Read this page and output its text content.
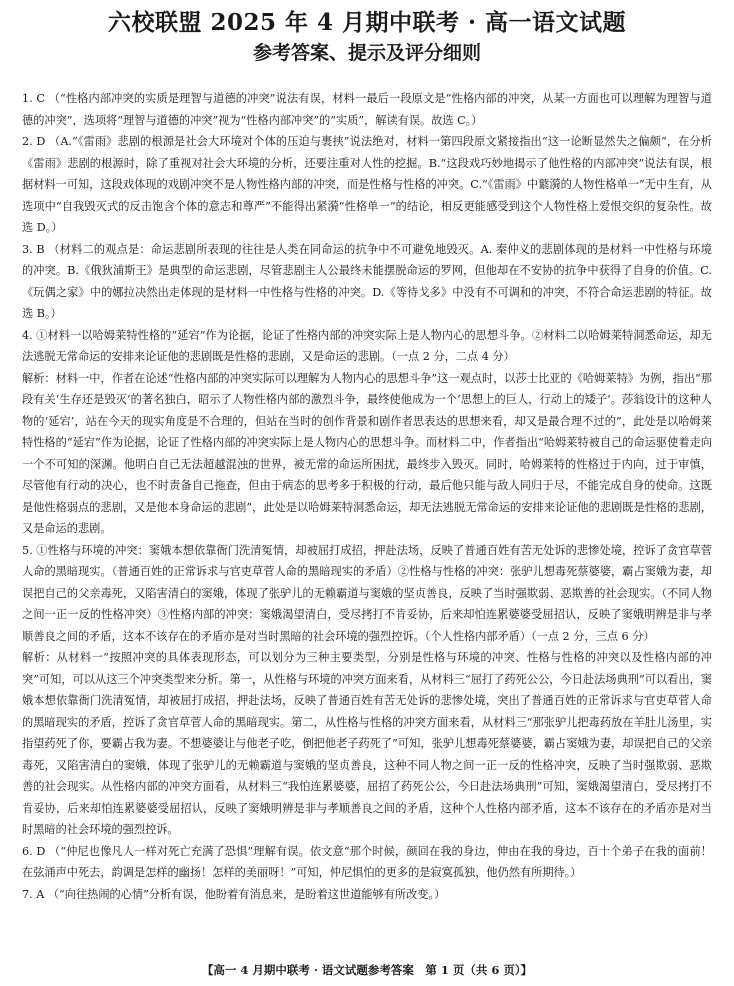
六校联盟 2025 年 4 月期中联考 · 高一语文试题
参考答案、提示及评分细则

1. C （“性格内部冲突的实质是理智与道德的冲突”说法有误，材料一最后一段原文是“性格内部的冲突，从某一方面也可以理解为理智与道德的冲突”，选项将“理智与道德的冲突”视为“性格内部冲突”的“实质”，解读有误。故选 C。）

2. D （A.“《雷雨》悲剧的根源是社会大环境对个体的压迫与裹挟”说法绝对，材料一第四段原文紧接指出“这一论断显然失之偏颇”，在分析《雷雨》悲剧的根源时，除了重视对社会大环境的分析，还要注重对人性的挖掘。B.“这段戏巧妙地揭示了他性格的内部冲突”说法有误，根据材料一可知，这段戏体现的戏剧冲突不是人物性格内部的冲突，而是性格与性格的冲突。C.“《雷雨》中蘩漪的人物性格单一”无中生有，从选项中“自我毁灭式的反击饱含个体的意志和尊严”不能得出紧漪“性格单一”的结论，相反更能感受到这个人物性格上爱恨交织的复杂性。故选 D。）

3. B （材料二的观点是：命运悲剧所表现的往往是人类在同命运的抗争中不可避免地毁灭。A. 秦仲义的悲剧体现的是材料一中性格与环境的冲突。B.《俄狄浦斯王》是典型的命运悲剧，尽管悲剧主人公最终未能摆脱命运的罗网，但他却在不安协的抗争中获得了自身的价值。C.《玩偶之家》中的娜拉决然出走体现的是材料一中性格与性格的冲突。D.《等待戈多》中没有不可调和的冲突，不符合命运悲剧的特征。故选 B。）

4. ①材料一以哈姆莱特性格的“延宕”作为论据，论证了性格内部的冲突实际上是人物内心的思想斗争。②材料二以哈姆莱特洞悉命运，却无法逃脱无常命运的安排来论证他的悲剧既是性格的悲剧，又是命运的悲剧。（一点 2 分，二点 4 分）

解析：材料一中，作者在论述“性格内部的冲突实际可以理解为人物内心的思想斗争”这一观点时，以莎士比亚的《哈姆莱特》为例，指出“那段有关‘生存还是毁灭’的著名独白，昭示了人物性格内部的激烈斗争，最终使他成为一个‘思想上的巨人，行动上的矮子’。莎翁设计的这种人物的‘延宕’，站在今天的现实角度是不合理的，但站在当时的创作背景和剧作者思表达的思想来看，却又是最合理不过的”，此处是以哈姆莱特性格的“延宕”作为论据，论证了性格内部的冲突实际上是人物内心的思想斗争。而材料二中，作者指出“哈姆莱特被自己的命运驱使着走向一个不可知的深渊。他明白自己无法超越混浊的世界，被无常的命运所困扰，最终步入毁灭。同时，哈姆莱特的性格过于内向，过于审慎，尽管他有行动的决心，也不时责备自己拖查，但由于病态的思考多于积极的行动，最后他只能与敌人同归于尽，不能完成自身的使命。这既是他性格弱点的悲剧，又是他本身命运的悲剧”，此处是以哈姆莱特洞悉命运，却无法逃脱无常命运的安排来论证他的悲剧既是性格的悲剧，又是命运的悲剧。

5. ①性格与环境的冲突：窦娥本想依靠衙门洗清冤情，却被屈打成招，押赴法场，反映了普通百姓有苦无处诉的悲惨处境，控诉了贪官草菅人命的黑暗现实。（普通百姓的正常诉求与官吏草菅人命的黑暗现实的矛盾）②性格与性格的冲突：张驴儿想毒死蔡婆婆，霸占窦娥为妻，却误把自己的父亲毒死，又陷害清白的窦娥，体现了张驴儿的无赖霸道与窦娥的坚贞善良，反映了当时强欺弱、恶欺善的社会现实。（不同人物之间一正一反的性格冲突）③性格内部的冲突：窦娥渴望清白，受尽拷打不肯妥协，后来却怕连累婆婆受屈招认，反映了窦娥明辨是非与孝顺善良之间的矛盾，这本不该存在的矛盾亦是对当时黑暗的社会环境的强烈控诉。（个人性格内部矛盾）（一点 2 分，三点 6 分）

解析：从材料一“按照冲突的具体表现形态，可以划分为三种主要类型，分别是性格与环境的冲突、性格与性格的冲突以及性格内部的冲突”可知，可以从这三个冲突类型来分析。第一，从性格与环境的冲突方面来看，从材料三“屈打了药死公公，今日赴法场典刑”可以看出，窦娥本想依靠衙门洗清冤情，却被屈打成招，押赴法场，反映了普通百姓有苦无处诉的悲惨处境，突出了普通百姓的正常诉求与官吏草菅人命的黑暗现实的矛盾，控诉了贪官草菅人命的黑暗现实。第二，从性格与性格的冲突方面来看，从材料三“那张驴儿把毒药放在羊肚儿汤里，实指望药死了你，要霸占我为妻。不想婆婆让与他老子吃，倒把他老子药死了”可知，张驴儿想毒死蔡婆婆，霸占窦娥为妻，却误把自己的父亲毒死，又陷害清白的窦娥，体现了张驴儿的无赖霸道与窦娥的坚贞善良，这种不同人物之间一正一反的性格冲突，反映了当时强欺弱、恶欺善的社会现实。从性格内部的冲突方面看，从材料三“我怕连累婆婆，屈招了药死公公，今日赴法场典刑”可知，窦娥渴望清白，受尽拷打不肯妥协，后来却怕连累婆婆受屈招认，反映了窦娥明辨是非与孝顺善良之间的矛盾，这种个人性格内部矛盾，这本不该存在的矛盾亦是对当时黑暗的社会环境的强烈控诉。

6. D （“仲尼也像凡人一样对死亡充满了恐惧”理解有误。依文意“那个时候，颜回在我的身边，伸由在我的身边，百十个弟子在我的面前！在弦涌声中死去，韵调是怎样的幽扬！怎样的美丽呀！”可知，仲尼惧怕的更多的是寂寞孤独，他仍然有所期待。）

7. A （“向往热闹的心情”分析有误，他盼着有消息来，是盼着这世道能够有所改变。）

【高一 4 月期中联考 · 语文试题参考答案　第 1 页（共 6 页）】
